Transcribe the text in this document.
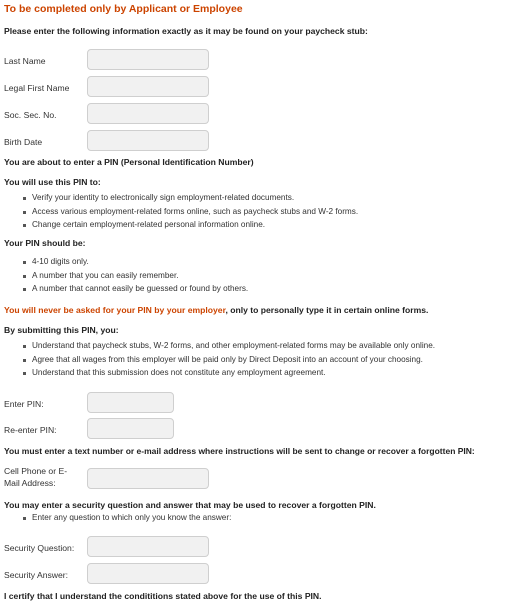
To be completed only by Applicant or Employee
Please enter the following information exactly as it may be found on your paycheck stub:
Last Name
Legal First Name
Soc. Sec. No.
Birth Date
You are about to enter a PIN (Personal Identification Number)
You will use this PIN to:
Verify your identity to electronically sign employment-related documents.
Access various employment-related forms online, such as paycheck stubs and W-2 forms.
Change certain employment-related personal information online.
Your PIN should be:
4-10 digits only.
A number that you can easily remember.
A number that cannot easily be guessed or found by others.
You will never be asked for your PIN by your employer, only to personally type it in certain online forms.
By submitting this PIN, you:
Understand that paycheck stubs, W-2 forms, and other employment-related forms may be available only online.
Agree that all wages from this employer will be paid only by Direct Deposit into an account of your choosing.
Understand that this submission does not constitute any employment agreement.
Enter PIN:
Re-enter PIN:
You must enter a text number or e-mail address where instructions will be sent to change or recover a forgotten PIN:
Cell Phone or E-
Mail Address:
You may enter a security question and answer that may be used to recover a forgotten PIN.
Enter any question to which only you know the answer:
Security Question:
Security Answer:
I certify that I understand the condititions stated above for the use of this PIN.
